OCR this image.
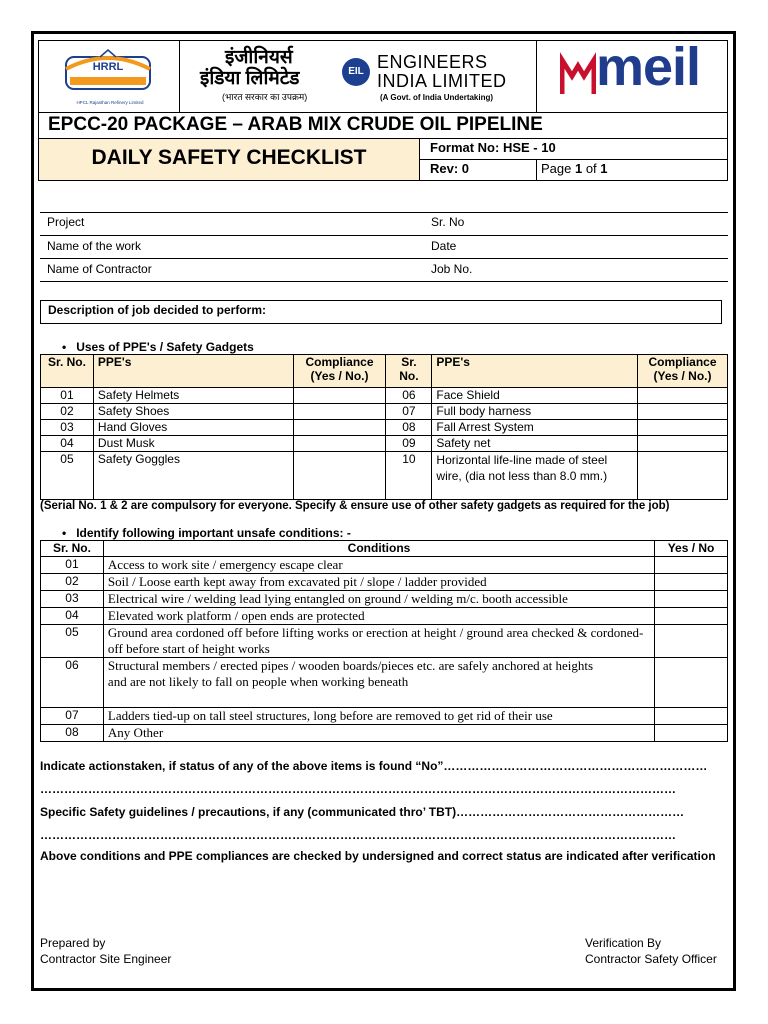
HRRL
HPCL Rajasthan Refinery Limited
इंजीनियर्स
इंडिया लिमिटेड
(भारत सरकार का उपक्रम)
EIL ENGINEERS
INDIA LIMITED
(A Govt. of India Undertaking)
meil
EPCC-20 PACKAGE – ARAB MIX CRUDE OIL PIPELINE
DAILY SAFETY CHECKLIST	Format No: HSE - 10
Rev: 0	Page 1 of 1
Project	Sr. No
Name of the work	Date
Name of Contractor	Job No.
Description of job decided to perform:
•   Uses of PPE's / Safety Gadgets
Sr. No.	PPE's	Compliance
(Yes / No.)	Sr. No.	PPE's	Compliance
(Yes / No.)
01	Safety Helmets		06	Face Shield	
02	Safety Shoes		07	Full body harness	
03	Hand Gloves		08	Fall Arrest System	
04	Dust Musk		09	Safety net	
05	Safety Goggles		10	Horizontal life-line made of steel wire, (dia not less than 8.0 mm.)	
(Serial No. 1 & 2 are compulsory for everyone. Specify & ensure use of other safety gadgets as required for the job)
•   Identify following important unsafe conditions: -
Sr. No.	Conditions	Yes / No
01	Access to work site / emergency escape clear	
02	Soil / Loose earth kept away from excavated pit / slope / ladder provided	
03	Electrical wire / welding lead lying entangled on ground / welding m/c. booth accessible	
04	Elevated work platform / open ends are protected	
05	Ground area cordoned off before lifting works or erection at height / ground area checked & cordoned-off before start of height works	
06	Structural members / erected pipes / wooden boards/pieces etc. are safely anchored at heights and are not likely to fall on people when working beneath	
07	Ladders tied-up on tall steel structures, long before are removed to get rid of their use	
08	Any Other	
Indicate actionstaken, if status of any of the above items is found “No”…………………………………………………………
……………………………………………………………………………………………………………………………………………
Specific Safety guidelines / precautions, if any (communicated thro’ TBT)…………………………………………………
……………………………………………………………………………………………………………………………………………
Above conditions and PPE compliances are checked by undersigned and correct status are indicated after verification
Prepared by
Contractor Site Engineer
Verification By
Contractor Safety Officer
